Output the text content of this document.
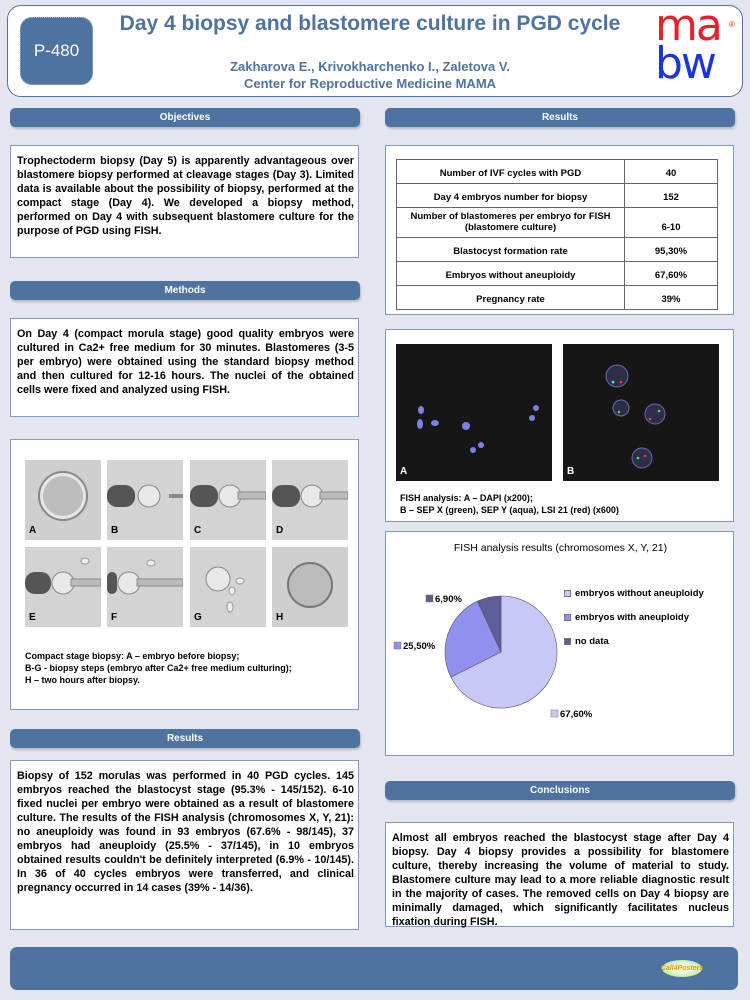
P-480
Day 4 biopsy and blastomere culture in PGD cycle
Zakharova E., Krivokharchenko I., Zaletova V.
Center for Reproductive Medicine MAMA
ma
bw
®
Objectives
Trophectoderm biopsy (Day 5) is apparently advantageous over blastomere biopsy performed at cleavage stages (Day 3). Limited data is available about the possibility of biopsy, performed at the compact stage (Day 4). We developed a biopsy method, performed on Day 4 with subsequent blastomere culture for the purpose of PGD using FISH.
Methods
On Day 4 (compact morula stage) good quality embryos were cultured in Ca2+ free medium for 30 minutes. Blastomeres (3-5 per embryo) were obtained using the standard biopsy method and then cultured for 12-16 hours. The nuclei of the obtained cells were fixed and analyzed using FISH.
A	B	C	D
E	F	G	H
Compact stage biopsy: A – embryo before biopsy;
B-G - biopsy steps (embryo after Ca2+ free medium culturing);
H – two hours after biopsy.
Results
Biopsy of 152 morulas was performed in 40 PGD cycles. 145 embryos reached the blastocyst stage (95.3% - 145/152). 6-10 fixed nuclei per embryo were obtained as a result of blastomere culture. The results of the FISH analysis (chromosomes X, Y, 21): no aneuploidy was found in 93 embryos (67.6% - 98/145), 37 embryos had aneuploidy (25.5% - 37/145), in 10 embryos obtained results couldn't be definitely interpreted (6.9% - 10/145). In 36 of 40 cycles embryos were transferred, and clinical pregnancy occurred in 14 cases (39% - 14/36).
Results
Number of IVF cycles with PGD	40
Day 4 embryos number for biopsy	152
Number of blastomeres per embryo for FISH (blastomere culture)	6-10
Blastocyst formation rate	95,30%
Embryos without aneuploidy	67,60%
Pregnancy rate	39%
A	B
FISH analysis: A – DAPI (x200);
B – SEP X (green), SEP Y (aqua), LSI 21 (red) (x600)
FISH analysis results (chromosomes X, Y, 21)
67,60%
25,50%
6,90%
embryos without aneuploidy
embryos with aneuploidy
no data
Conclusions
Almost all embryos reached the blastocyst stage after Day 4 biopsy. Day 4 biopsy provides a possibility for blastomere culture, thereby increasing the volume of material to study. Blastomere culture may lead to a more reliable diagnostic result in the majority of cases. The removed cells on Day 4 biopsy are minimally damaged, which significantly facilitates nucleus fixation during FISH.
Call4Posters
